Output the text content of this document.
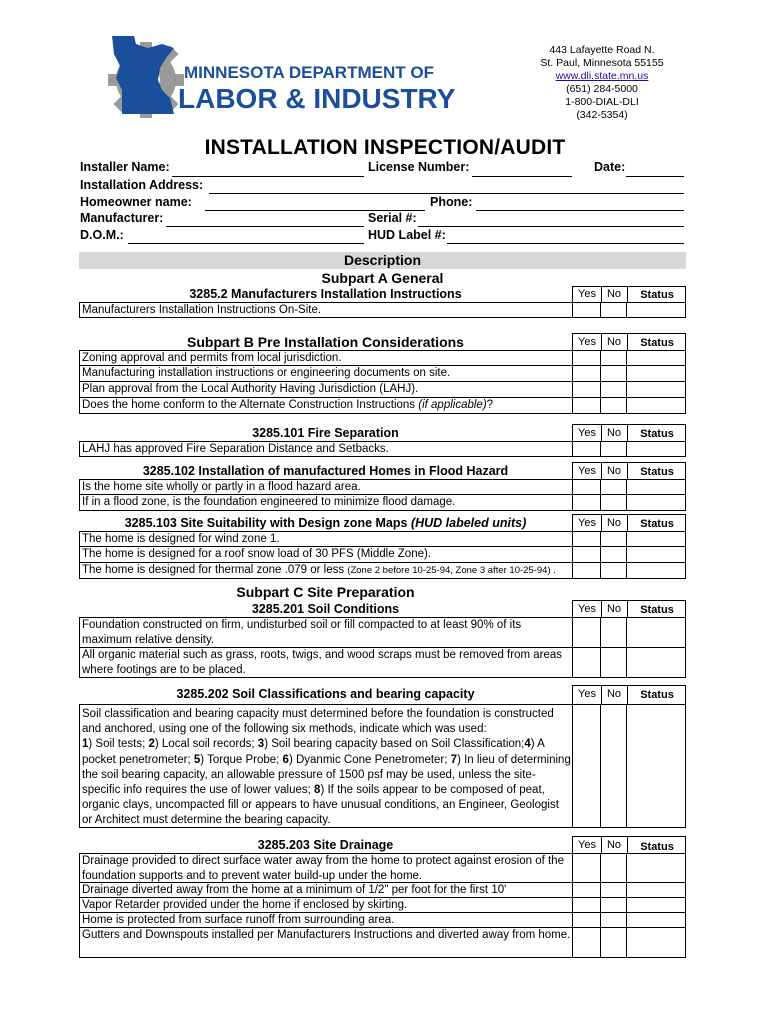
MINNESOTA DEPARTMENT OF
LABOR & INDUSTRY
443 Lafayette Road N.
St. Paul, Minnesota 55155
www.dli.state.mn.us
(651) 284-5000
1-800-DIAL-DLI
(342-5354)
INSTALLATION INSPECTION/AUDIT
Installer Name:	License Number:	Date:
Installation Address:
Homeowner name:	Phone:
Manufacturer:	Serial #:
D.O.M.:	HUD Label #:
Description
Subpart A General
3285.2 Manufacturers Installation Instructions	Yes	No	Status
Manufacturers Installation Instructions On-Site.
Subpart B Pre Installation Considerations	Yes	No	Status
Zoning approval and permits from local jurisdiction.
Manufacturing installation instructions or engineering documents on site.
Plan approval from the Local Authority Having Jurisdiction (LAHJ).
Does the home conform to the Alternate Construction Instructions (if applicable)?
3285.101 Fire Separation	Yes	No	Status
LAHJ has approved Fire Separation Distance and Setbacks.
3285.102 Installation of manufactured Homes in Flood Hazard	Yes	No	Status
Is the home site wholly or partly in a flood hazard area.
If in a flood zone, is the foundation engineered to minimize flood damage.
3285.103 Site Suitability with Design zone Maps (HUD labeled units)	Yes	No	Status
The home is designed for wind zone 1.
The home is designed for a roof snow load of 30 PFS (Middle Zone).
The home is designed for thermal zone .079 or less (Zone 2 before 10-25-94, Zone 3 after 10-25-94) .
Subpart C Site Preparation
3285.201 Soil Conditions	Yes	No	Status
Foundation constructed on firm, undisturbed soil or fill compacted to at least 90% of its maximum relative density.
All organic material such as grass, roots, twigs, and wood scraps must be removed from areas where footings are to be placed.
3285.202 Soil Classifications and bearing capacity	Yes	No	Status
Soil classification and bearing capacity must determined before the foundation is constructed and anchored, using one of the following six methods, indicate which was used:
1) Soil tests; 2) Local soil records; 3) Soil bearing capacity based on Soil Classification;4) A pocket penetrometer; 5) Torque Probe; 6) Dyanmic Cone Penetrometer; 7) In lieu of determining the soil bearing capacity, an allowable pressure of 1500 psf may be used, unless the site-specific info requires the use of lower values; 8) If the soils appear to be composed of peat, organic clays, uncompacted fill or appears to have unusual conditions, an Engineer, Geologist or Architect must determine the bearing capacity.
3285.203 Site Drainage	Yes	No	Status
Drainage provided to direct surface water away from the home to protect against erosion of the foundation supports and to prevent water build-up under the home.
Drainage diverted away from the home at a minimum of 1/2" per foot for the first 10'
Vapor Retarder provided under the home if enclosed by skirting.
Home is protected from surface runoff from surrounding area.
Gutters and Downspouts installed per Manufacturers Instructions and diverted away from home.
